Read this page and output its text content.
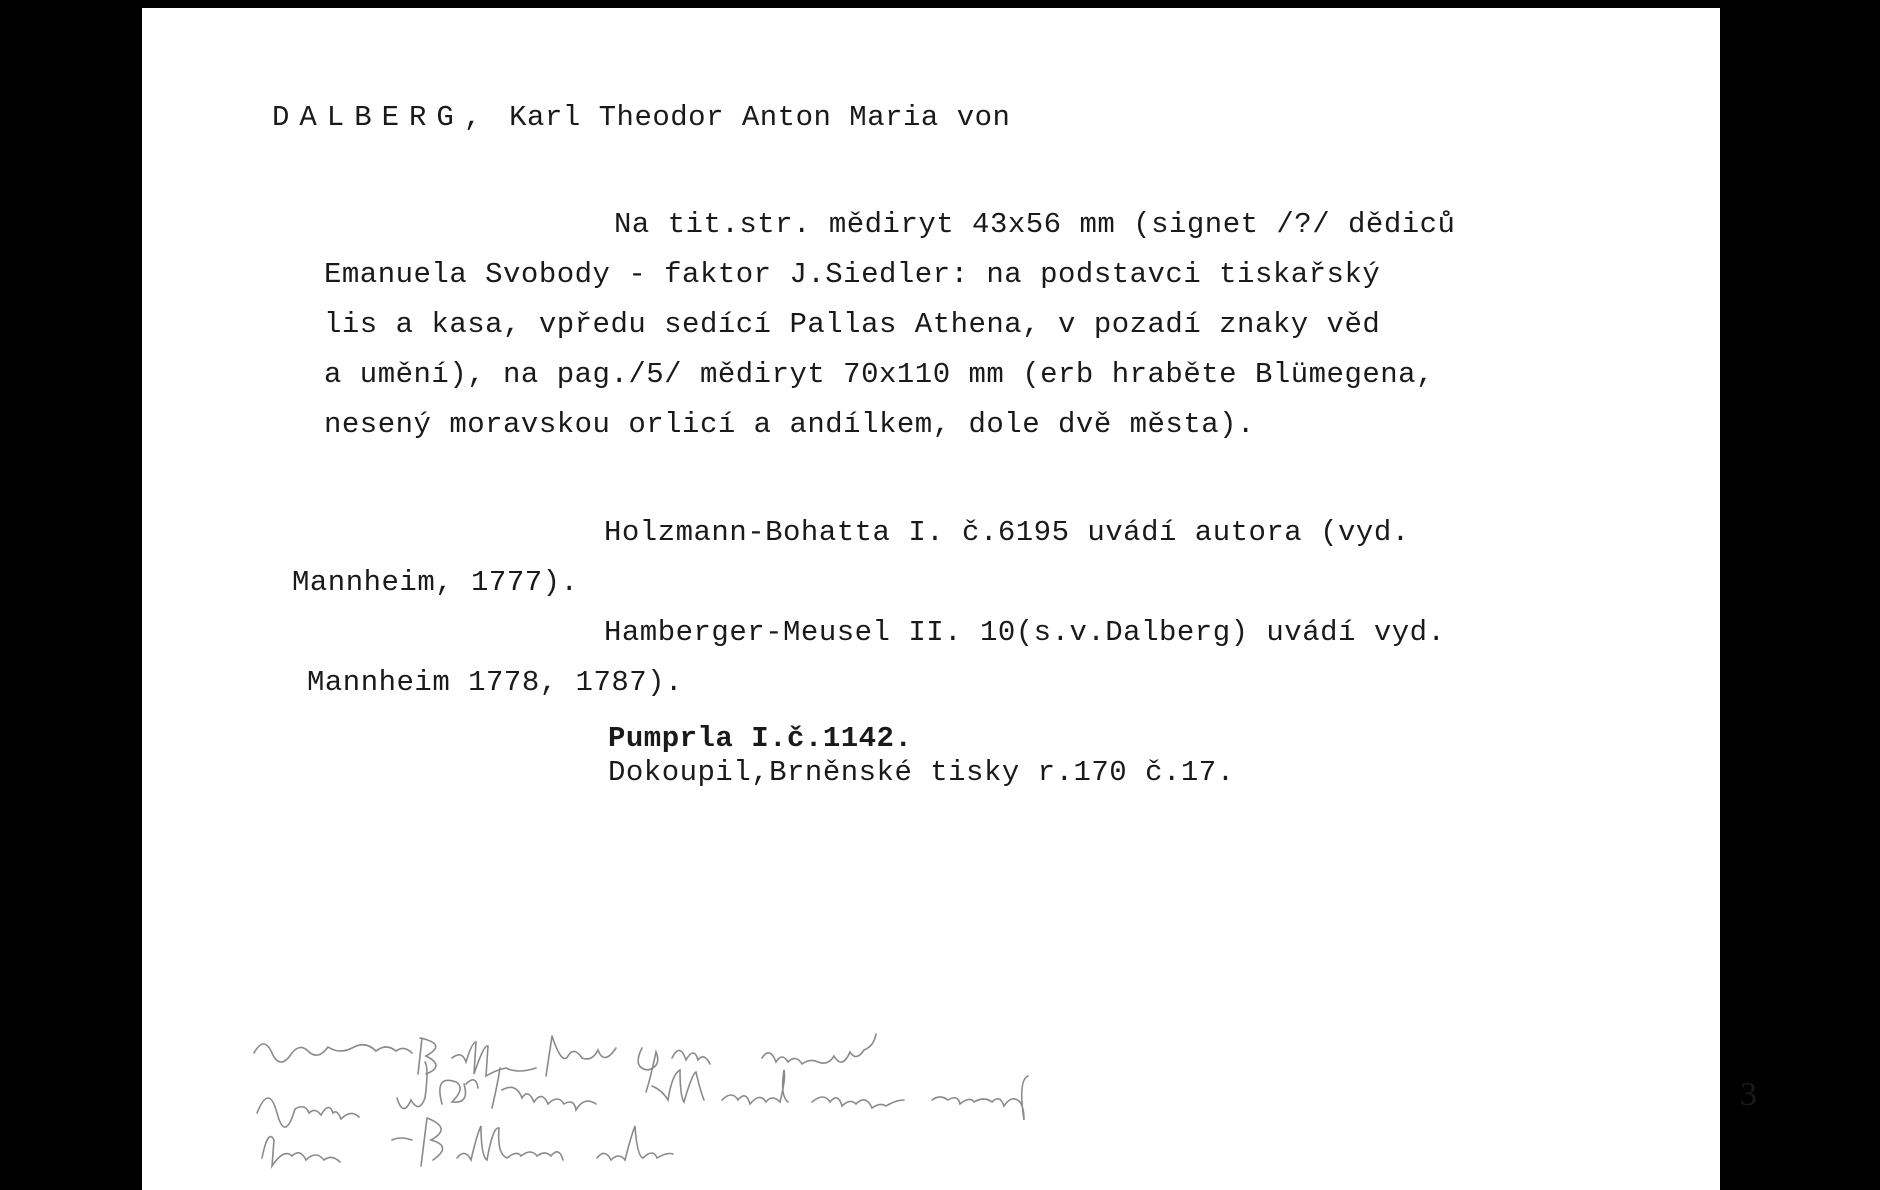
DALBERG, Karl Theodor Anton Maria von
Na tit.str. mědiryt 43x56 mm (signet /?/ dědiců
Emanuela Svobody - faktor J.Siedler: na podstavci tiskařský
lis a kasa, vpředu sedící Pallas Athena, v pozadí znaky věd
a umění), na pag./5/ mědiryt 70x110 mm (erb hraběte Blümegena,
nesený moravskou orlicí a andílkem, dole dvě města).
Holzmann-Bohatta I. č.6195 uvádí autora (vyd.
Mannheim, 1777).
Hamberger-Meusel II. 10(s.v.Dalberg) uvádí vyd.
Mannheim 1778, 1787).
Pumprla I.č.1142.
Dokoupil,Brněnské tisky r.170 č.17.
3
